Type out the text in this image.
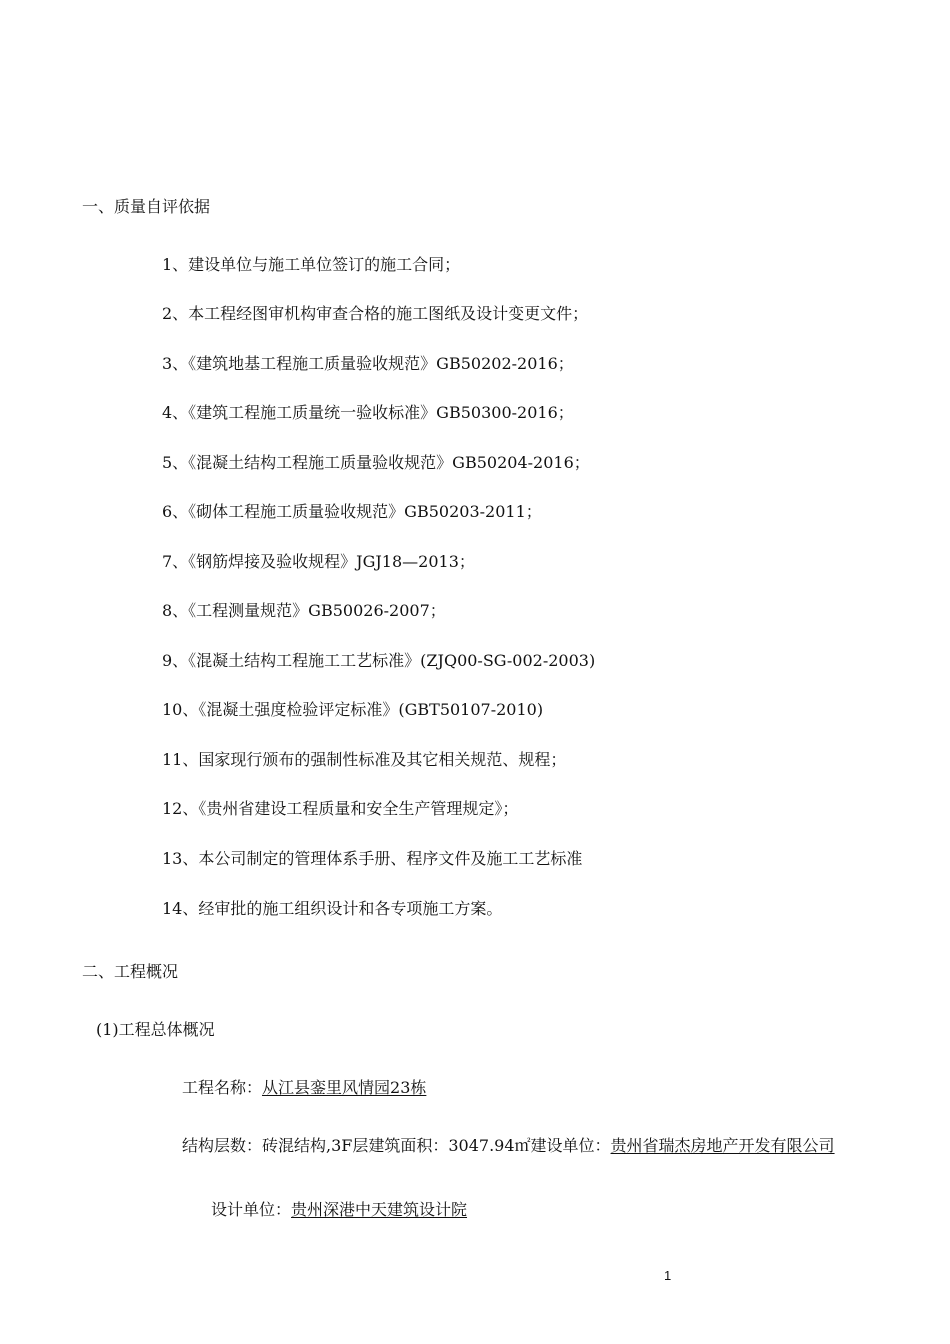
一、质量自评依据
1、建设单位与施工单位签订的施工合同；
2、本工程经图审机构审查合格的施工图纸及设计变更文件；
3、《建筑地基工程施工质量验收规范》GB50202-2016；
4、《建筑工程施工质量统一验收标准》GB50300-2016；
5、《混凝土结构工程施工质量验收规范》GB50204-2016；
6、《砌体工程施工质量验收规范》GB50203-2011；
7、《钢筋焊接及验收规程》JGJ18—2013；
8、《工程测量规范》GB50026-2007；
9、《混凝土结构工程施工工艺标准》(ZJQ00-SG-002-2003)
10、《混凝土强度检验评定标准》(GBT50107-2010)
11、国家现行颁布的强制性标准及其它相关规范、规程；
12、《贵州省建设工程质量和安全生产管理规定》；
13、本公司制定的管理体系手册、程序文件及施工工艺标准
14、经审批的施工组织设计和各专项施工方案。
二、工程概况
(1)工程总体概况
工程名称：从江县銮里风情园23栋
结构层数：砖混结构,3F层建筑面积：3047.94㎡建设单位：贵州省瑞杰房地产开发有限公司
设计单位：贵州深港中天建筑设计院
1
